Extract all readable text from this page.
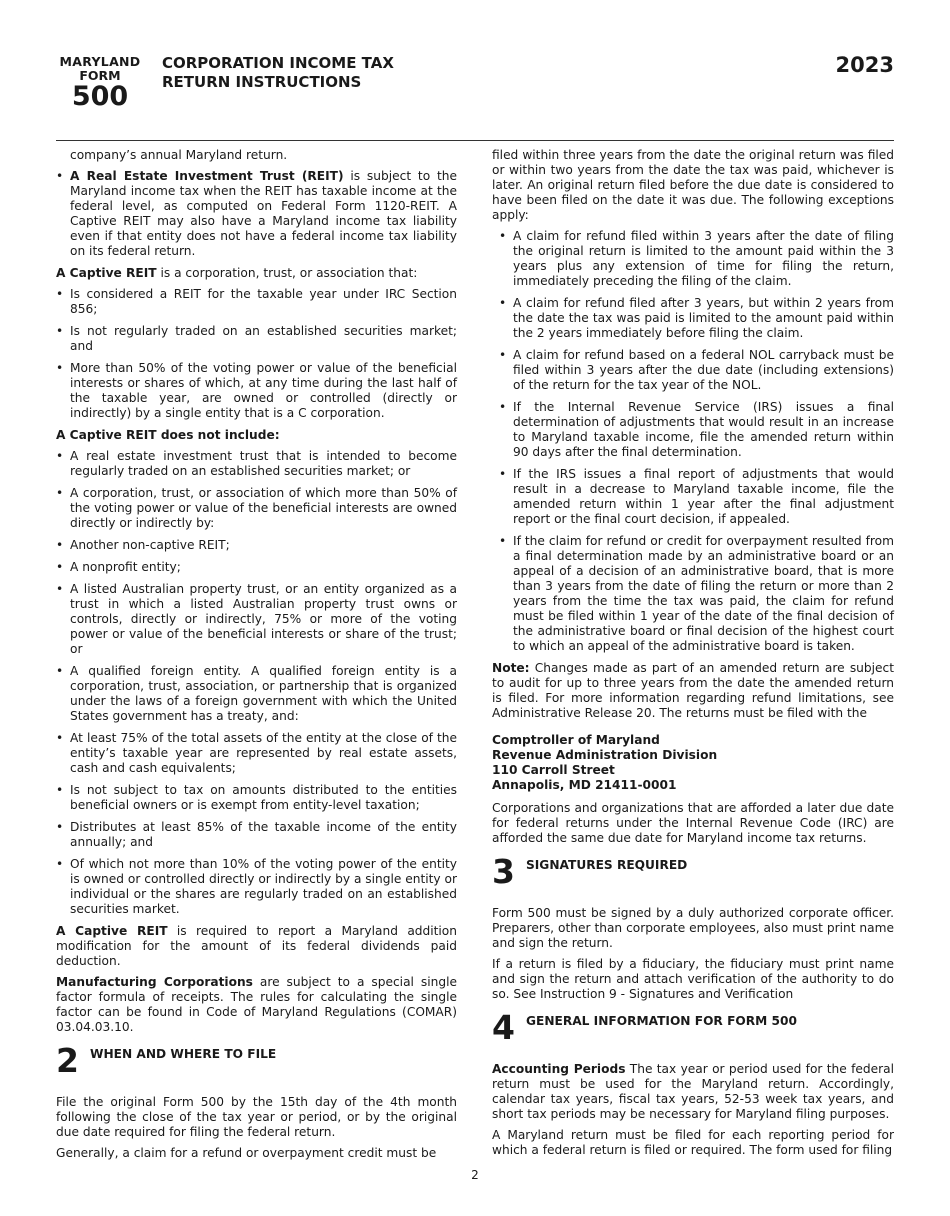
MARYLAND
FORM
500
CORPORATION INCOME TAX
RETURN INSTRUCTIONS
2023

company’s annual Maryland return.

• A Real Estate Investment Trust (REIT) is subject to the Maryland income tax when the REIT has taxable income at the federal level, as computed on Federal Form 1120-REIT. A Captive REIT may also have a Maryland income tax liability even if that entity does not have a federal income tax liability on its federal return.

A Captive REIT is a corporation, trust, or association that:

• Is considered a REIT for the taxable year under IRC Section 856;
• Is not regularly traded on an established securities market; and
• More than 50% of the voting power or value of the beneficial interests or shares of which, at any time during the last half of the taxable year, are owned or controlled (directly or indirectly) by a single entity that is a C corporation.

A Captive REIT does not include:

• A real estate investment trust that is intended to become regularly traded on an established securities market; or
• A corporation, trust, or association of which more than 50% of the voting power or value of the beneficial interests are owned directly or indirectly by:
• Another non-captive REIT;
• A nonprofit entity;
• A listed Australian property trust, or an entity organized as a trust in which a listed Australian property trust owns or controls, directly or indirectly, 75% or more of the voting power or value of the beneficial interests or share of the trust; or
• A qualified foreign entity. A qualified foreign entity is a corporation, trust, association, or partnership that is organized under the laws of a foreign government with which the United States government has a treaty, and:
• At least 75% of the total assets of the entity at the close of the entity’s taxable year are represented by real estate assets, cash and cash equivalents;
• Is not subject to tax on amounts distributed to the entities beneficial owners or is exempt from entity-level taxation;
• Distributes at least 85% of the taxable income of the entity annually; and
• Of which not more than 10% of the voting power of the entity is owned or controlled directly or indirectly by a single entity or individual or the shares are regularly traded on an established securities market.

A Captive REIT is required to report a Maryland addition modification for the amount of its federal dividends paid deduction.

Manufacturing Corporations are subject to a special single factor formula of receipts. The rules for calculating the single factor can be found in Code of Maryland Regulations (COMAR) 03.04.03.10.

2 WHEN AND WHERE TO FILE

File the original Form 500 by the 15th day of the 4th month following the close of the tax year or period, or by the original due date required for filing the federal return.

Generally, a claim for a refund or overpayment credit must be

filed within three years from the date the original return was filed or within two years from the date the tax was paid, whichever is later. An original return filed before the due date is considered to have been filed on the date it was due. The following exceptions apply:

• A claim for refund filed within 3 years after the date of filing the original return is limited to the amount paid within the 3 years plus any extension of time for filing the return, immediately preceding the filing of the claim.
• A claim for refund filed after 3 years, but within 2 years from the date the tax was paid is limited to the amount paid within the 2 years immediately before filing the claim.
• A claim for refund based on a federal NOL carryback must be filed within 3 years after the due date (including extensions) of the return for the tax year of the NOL.
• If the Internal Revenue Service (IRS) issues a final determination of adjustments that would result in an increase to Maryland taxable income, file the amended return within 90 days after the final determination.
• If the IRS issues a final report of adjustments that would result in a decrease to Maryland taxable income, file the amended return within 1 year after the final adjustment report or the final court decision, if appealed.
• If the claim for refund or credit for overpayment resulted from a final determination made by an administrative board or an appeal of a decision of an administrative board, that is more than 3 years from the date of filing the return or more than 2 years from the time the tax was paid, the claim for refund must be filed within 1 year of the date of the final decision of the administrative board or final decision of the highest court to which an appeal of the administrative board is taken.

Note: Changes made as part of an amended return are subject to audit for up to three years from the date the amended return is filed. For more information regarding refund limitations, see Administrative Release 20. The returns must be filed with the

Comptroller of Maryland
Revenue Administration Division
110 Carroll Street
Annapolis, MD 21411-0001

Corporations and organizations that are afforded a later due date for federal returns under the Internal Revenue Code (IRC) are afforded the same due date for Maryland income tax returns.

3 SIGNATURES REQUIRED

Form 500 must be signed by a duly authorized corporate officer. Preparers, other than corporate employees, also must print name and sign the return.

If a return is filed by a fiduciary, the fiduciary must print name and sign the return and attach verification of the authority to do so. See Instruction 9 - Signatures and Verification

4 GENERAL INFORMATION FOR FORM 500

Accounting Periods The tax year or period used for the federal return must be used for the Maryland return. Accordingly, calendar tax years, fiscal tax years, 52-53 week tax years, and short tax periods may be necessary for Maryland filing purposes.

A Maryland return must be filed for each reporting period for which a federal return is filed or required. The form used for filing

2
